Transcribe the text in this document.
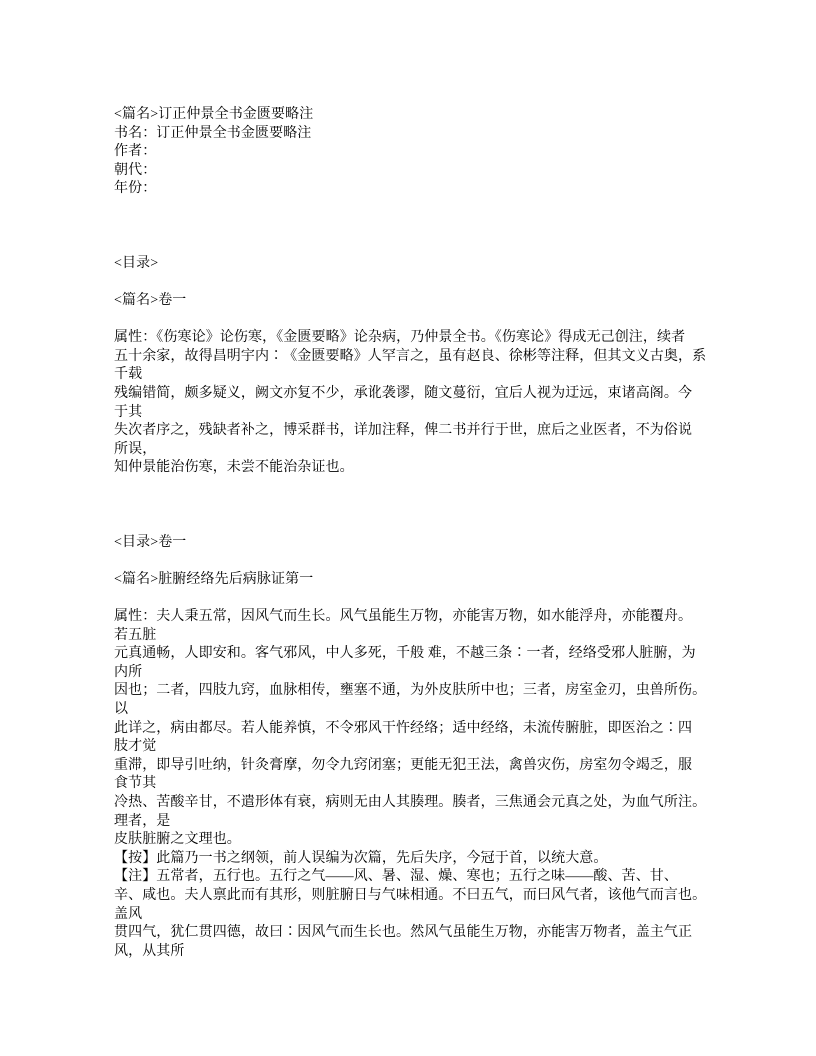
<篇名>订正仲景全书金匮要略注
书名：订正仲景全书金匮要略注
作者：
朝代：
年份：
<目录>
<篇名>卷一
属性：《伤寒论》论伤寒，《金匮要略》论杂病，乃仲景全书。《伤寒论》得成无己创注，续者
五十余家，故得昌明宇内∶《金匮要略》人罕言之，虽有赵良、徐彬等注释，但其文义古奥，系
千载
残编错简，颇多疑义，阙文亦复不少，承讹袭谬，随文蔓衍，宜后人视为迂远，束诸高阁。今
于其
失次者序之，残缺者补之，博采群书，详加注释，俾二书并行于世，庶后之业医者，不为俗说
所误，
知仲景能治伤寒，未尝不能治杂证也。
<目录>卷一
<篇名>脏腑经络先后病脉证第一
属性：夫人秉五常，因风气而生长。风气虽能生万物，亦能害万物，如水能浮舟，亦能覆舟。
若五脏
元真通畅，人即安和。客气邪风，中人多死，千般 难，不越三条∶一者，经络受邪人脏腑，为
内所
因也；二者，四肢九窍，血脉相传，壅塞不通，为外皮肤所中也；三者，房室金刃，虫兽所伤。
以
此详之，病由都尽。若人能养慎，不令邪风干忤经络；适中经络，未流传腑脏，即医治之∶四
肢才觉
重滞，即导引吐纳，针灸膏摩，勿令九窍闭塞；更能无犯王法，禽兽灾伤，房室勿令竭乏，服
食节其
冷热、苦酸辛甘，不遣形体有衰，病则无由人其腠理。腠者，三焦通会元真之处，为血气所注。
理者，是
皮肤脏腑之文理也。
【按】此篇乃一书之纲领，前人误编为次篇，先后失序，今冠于首，以统大意。
【注】五常者，五行也。五行之气——风、暑、湿、燥、寒也；五行之味——酸、苦、甘、
辛、咸也。夫人禀此而有其形，则脏腑日与气味相通。不曰五气，而曰风气者，该他气而言也。
盖风
贯四气，犹仁贯四德，故曰∶因风气而生长也。然风气虽能生万物，亦能害万物者，盖主气正
风，从其所
